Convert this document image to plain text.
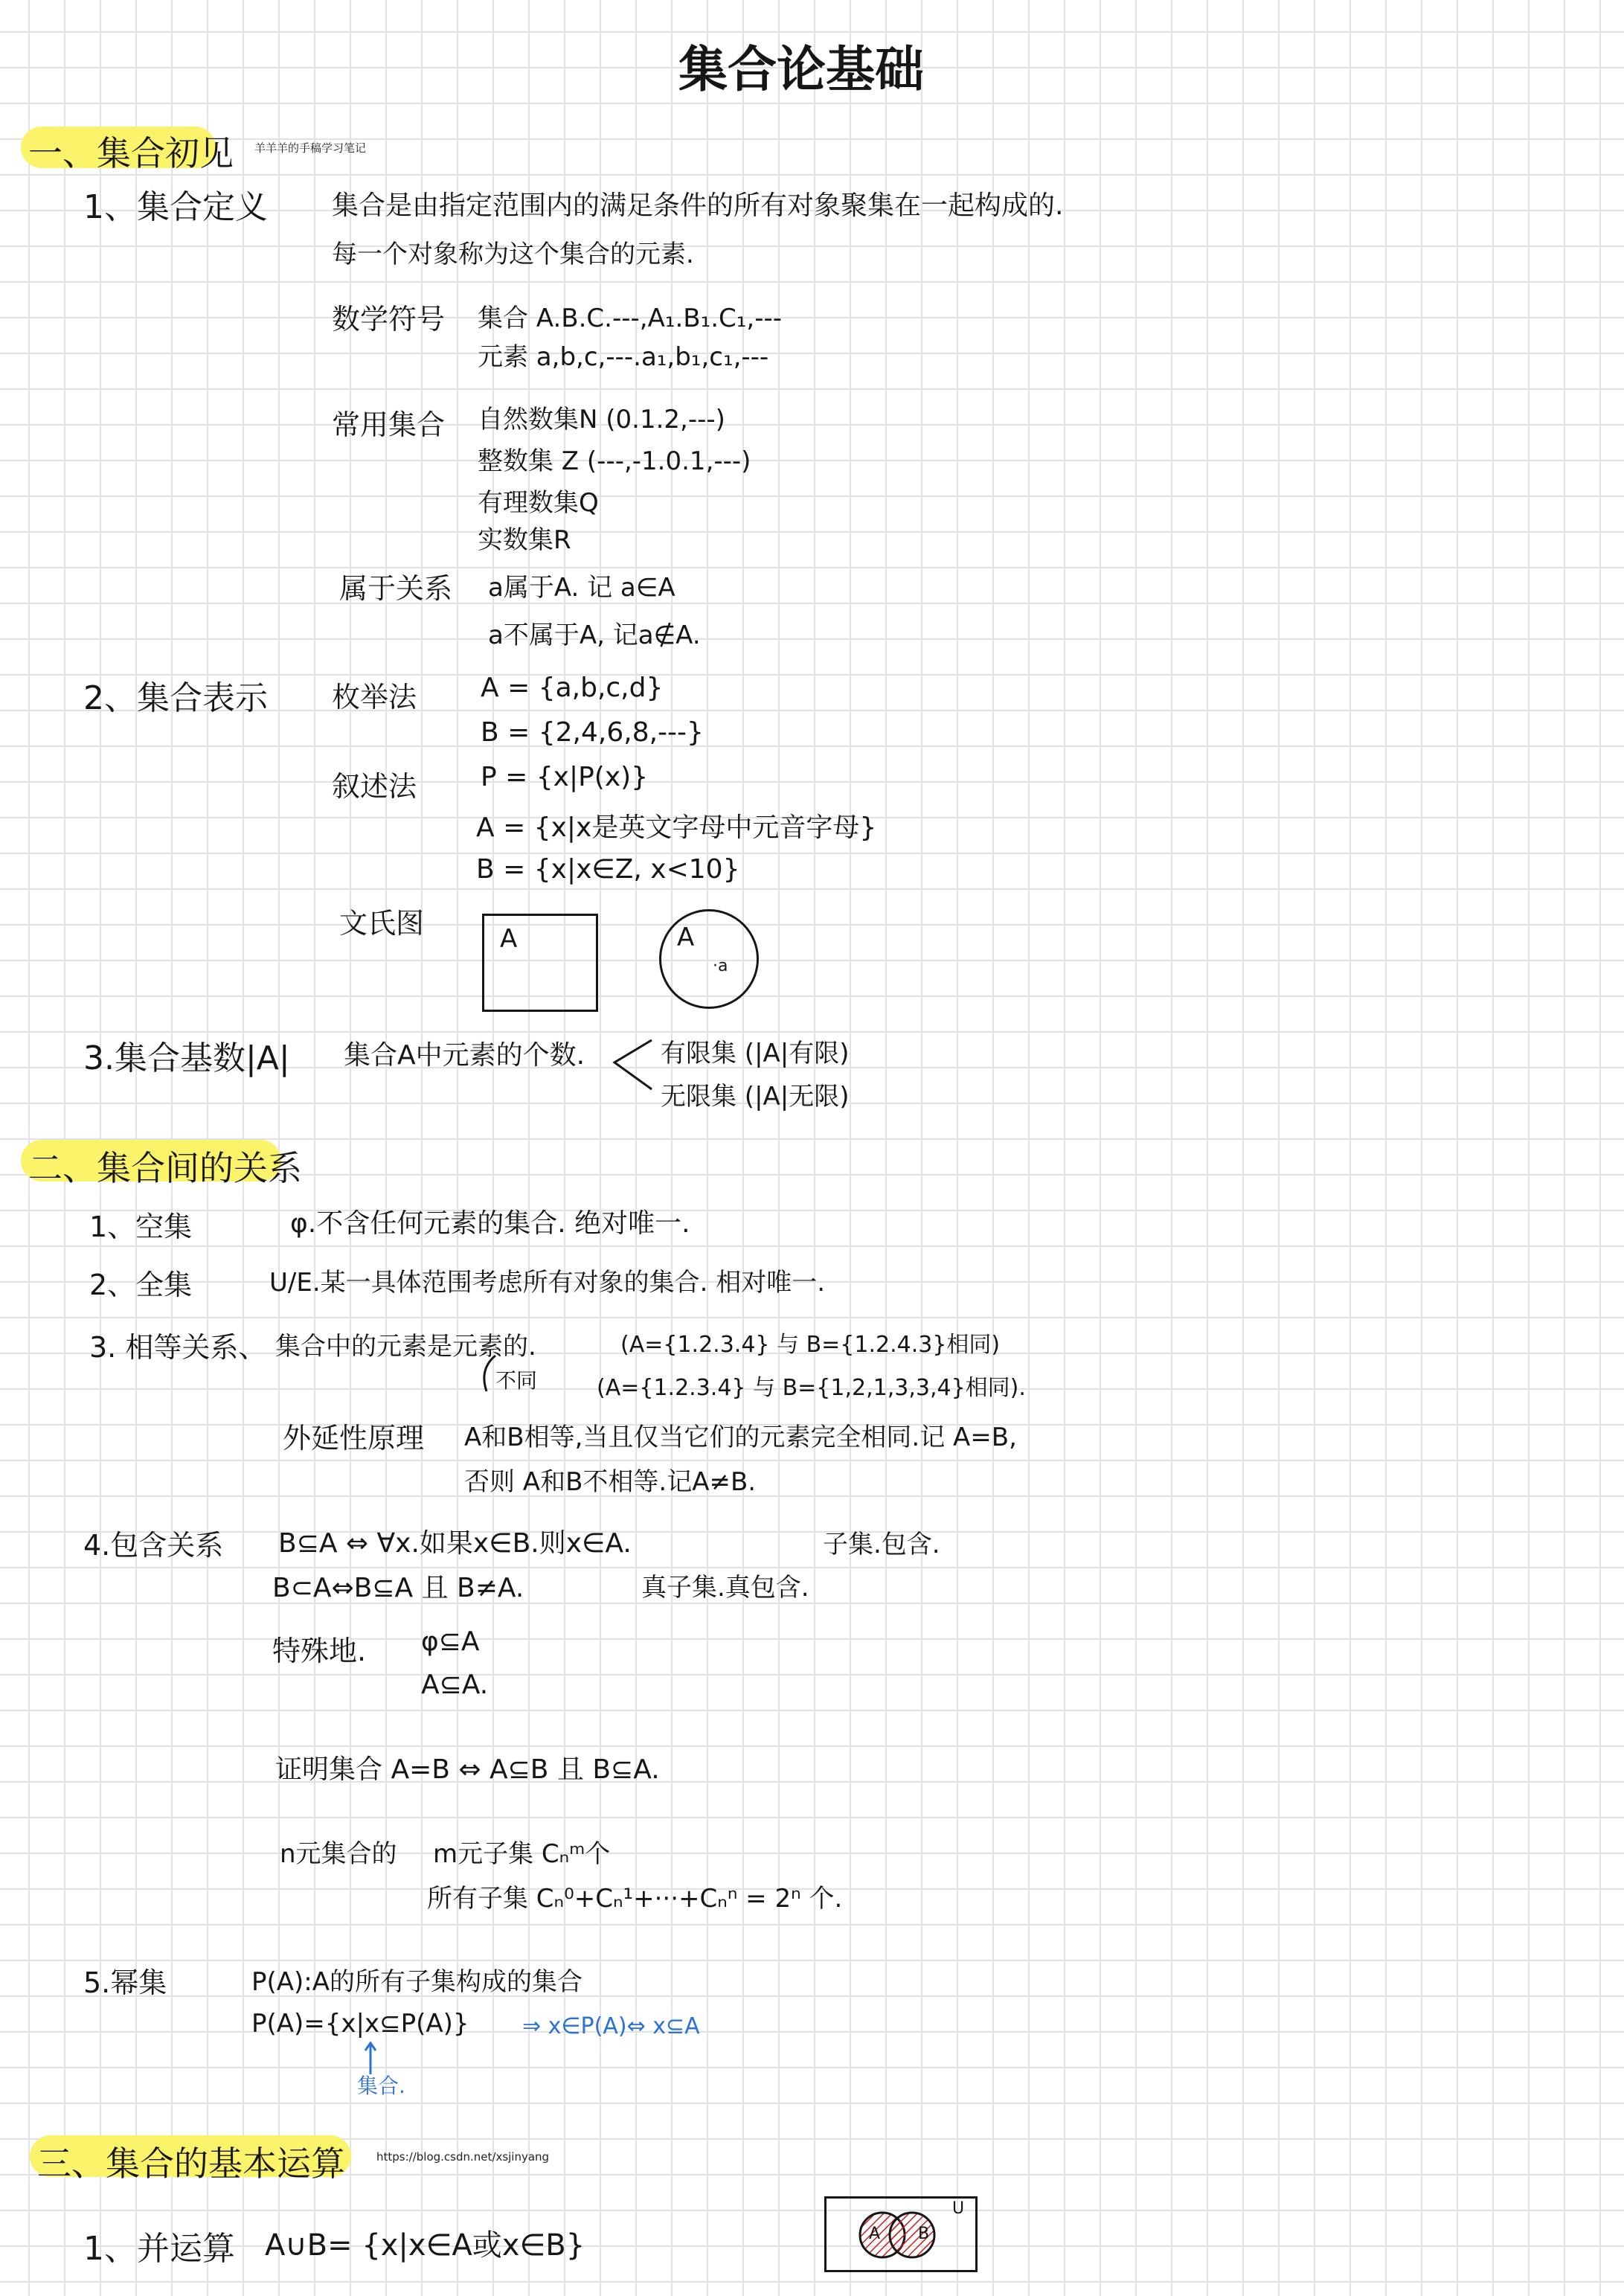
集合论基础
一、集合初见 羊羊羊的手稿学习笔记
1、集合定义 集合是由指定范围内的满足条件的所有对象聚集在一起构成的.
每一个对象称为这个集合的元素.
数学符号 集合 A.B.C.---,A₁.B₁.C₁,---
元素 a,b,c,---.a₁,b₁,c₁,---
常用集合 自然数集N (0.1.2,---)
整数集 Z (---,-1.0.1,---)
有理数集Q
实数集R
属于关系 a属于A. 记 a∈A
a不属于A, 记a∉A.
2、集合表示 枚举法 A = {a,b,c,d}
B = {2,4,6,8,---}
叙述法 P = {x|P(x)}
A = {x|x是英文字母中元音字母}
B = {x|x∈Z, x<10}
文氏图	A	A
·a
3.集合基数|A| 集合A中元素的个数.	有限集 (|A|有限)
无限集 (|A|无限)
二、集合间的关系
1、空集	φ.不含任何元素的集合. 绝对唯一.
2、全集	U/E.某一具体范围考虑所有对象的集合. 相对唯一.
3. 相等关系、 集合中的元素是元素的.	(A={1.2.3.4} 与 B={1.2.4.3}相同)
不同	(A={1.2.3.4} 与 B={1,2,1,3,3,4}相同).
外延性原理 A和B相等,当且仅当它们的元素完全相同.记 A=B,
否则 A和B不相等.记A≠B.
4.包含关系 B⊆A ⇔ ∀x.如果x∈B.则x∈A.	子集.包含.
B⊂A⇔B⊆A 且 B≠A.	真子集.真包含.
特殊地. φ⊆A
A⊆A.
证明集合 A=B ⇔ A⊆B 且 B⊆A.
n元集合的 m元子集 Cₙᵐ个
所有子集 Cₙ⁰+Cₙ¹+···+Cₙⁿ = 2ⁿ 个.
5.幂集	P(A):A的所有子集构成的集合
P(A)={x|x⊆P(A)} ⇒ x∈P(A)⇔ x⊆A
集合.
三、集合的基本运算	https://blog.csdn.net/xsjinyang
1、并运算 A∪B= {x|x∈A或x∈B}	A B
U
